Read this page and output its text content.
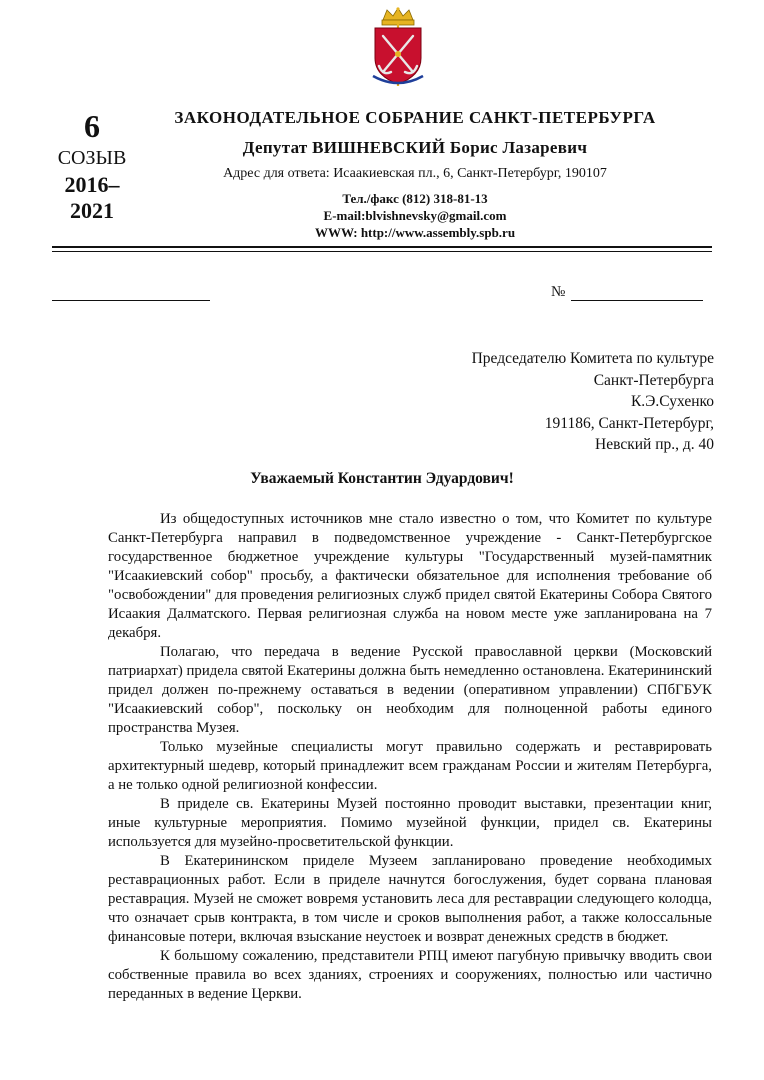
6
СОЗЫВ
2016–
2021
ЗАКОНОДАТЕЛЬНОЕ СОБРАНИЕ САНКТ-ПЕТЕРБУРГА
Депутат ВИШНЕВСКИЙ Борис Лазаревич
Адрес для ответа: Исаакиевская пл., 6, Санкт-Петербург, 190107
Тел./факс (812) 318-81-13
E-mail:blvishnevsky@gmail.com
WWW: http://www.assembly.spb.ru
№
Председателю Комитета по культуре
Санкт-Петербурга
К.Э.Сухенко
191186, Санкт-Петербург,
Невский пр., д. 40
Уважаемый Константин Эдуардович!

Из общедоступных источников мне стало известно о том, что Комитет по культуре Санкт-Петербурга направил в подведомственное учреждение - Санкт-Петербургское государственное бюджетное учреждение культуры "Государственный музей-памятник "Исаакиевский собор" просьбу, а фактически обязательное для исполнения требование об "освобождении" для проведения религиозных служб придел святой Екатерины Собора Святого Исаакия Далматского. Первая религиозная служба на новом месте уже запланирована на 7 декабря.

Полагаю, что передача в ведение Русской православной церкви (Московский патриархат) придела святой Екатерины должна быть немедленно остановлена. Екатерининский придел должен по-прежнему оставаться в ведении (оперативном управлении) СПбГБУК "Исаакиевский собор", поскольку он необходим для полноценной работы единого пространства Музея.

Только музейные специалисты могут правильно содержать и реставрировать архитектурный шедевр, который принадлежит всем гражданам России и жителям Петербурга, а не только одной религиозной конфессии.

В приделе св. Екатерины Музей постоянно проводит выставки, презентации книг, иные культурные мероприятия. Помимо музейной функции, придел св. Екатерины используется для музейно-просветительской функции.

В Екатерининском приделе Музеем запланировано проведение необходимых реставрационных работ. Если в приделе начнутся богослужения, будет сорвана плановая реставрация. Музей не сможет вовремя установить леса для реставрации следующего колодца, что означает срыв контракта, в том числе и сроков выполнения работ, а также колоссальные финансовые потери, включая взыскание неустоек и возврат денежных средств в бюджет.

К большому сожалению, представители РПЦ имеют пагубную привычку вводить свои собственные правила во всех зданиях, строениях и сооружениях, полностью или частично переданных в ведение Церкви.
